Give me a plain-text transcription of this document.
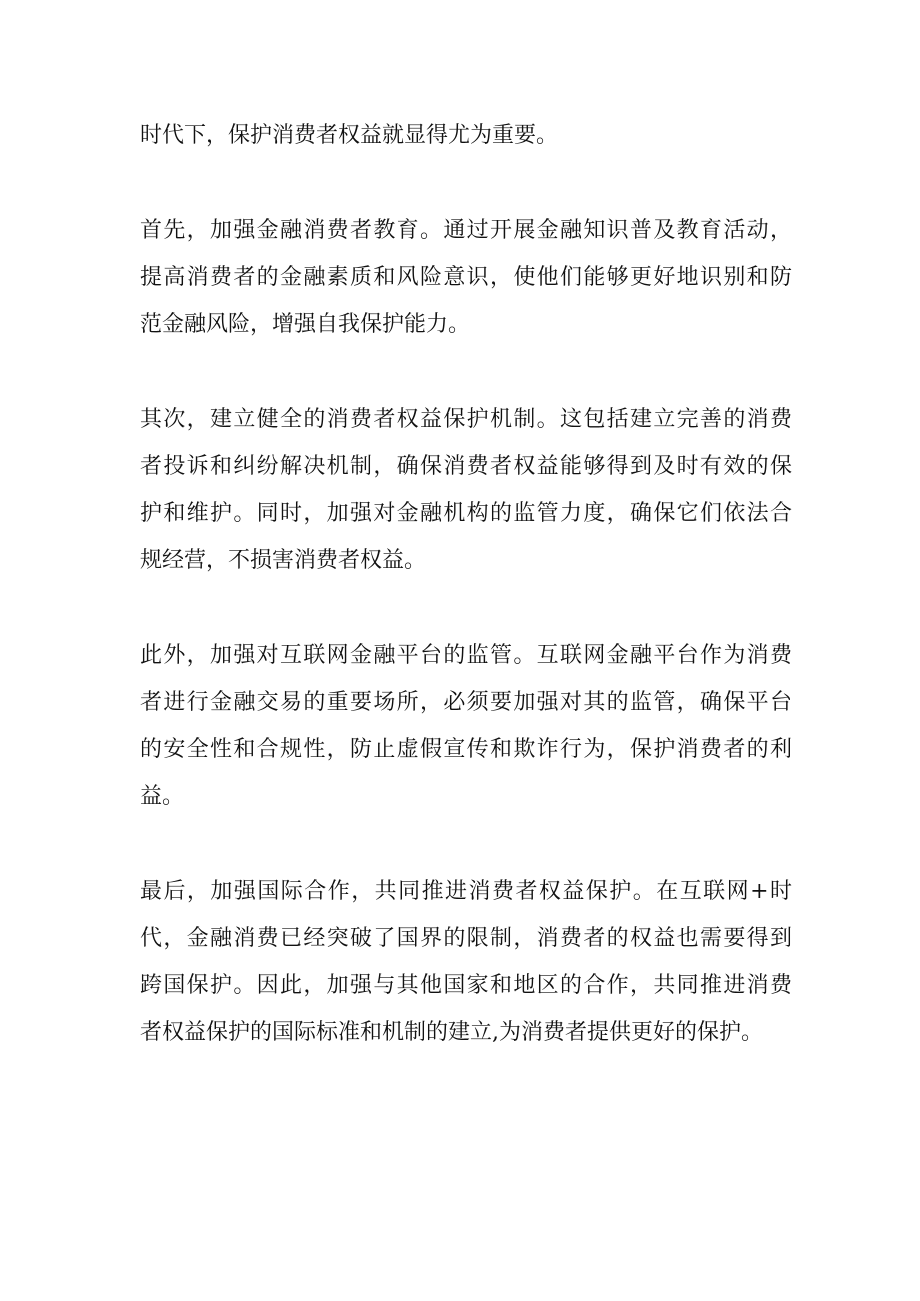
时代下，保护消费者权益就显得尤为重要。
首先，加强金融消费者教育。通过开展金融知识普及教育活动，
提高消费者的金融素质和风险意识，使他们能够更好地识别和防
范金融风险，增强自我保护能力。
其次，建立健全的消费者权益保护机制。这包括建立完善的消费
者投诉和纠纷解决机制，确保消费者权益能够得到及时有效的保
护和维护。同时，加强对金融机构的监管力度，确保它们依法合
规经营，不损害消费者权益。
此外，加强对互联网金融平台的监管。互联网金融平台作为消费
者进行金融交易的重要场所，必须要加强对其的监管，确保平台
的安全性和合规性，防止虚假宣传和欺诈行为，保护消费者的利
益。
最后，加强国际合作，共同推进消费者权益保护。在互联网+时
代，金融消费已经突破了国界的限制，消费者的权益也需要得到
跨国保护。因此，加强与其他国家和地区的合作，共同推进消费
者权益保护的国际标准和机制的建立,为消费者提供更好的保护。
